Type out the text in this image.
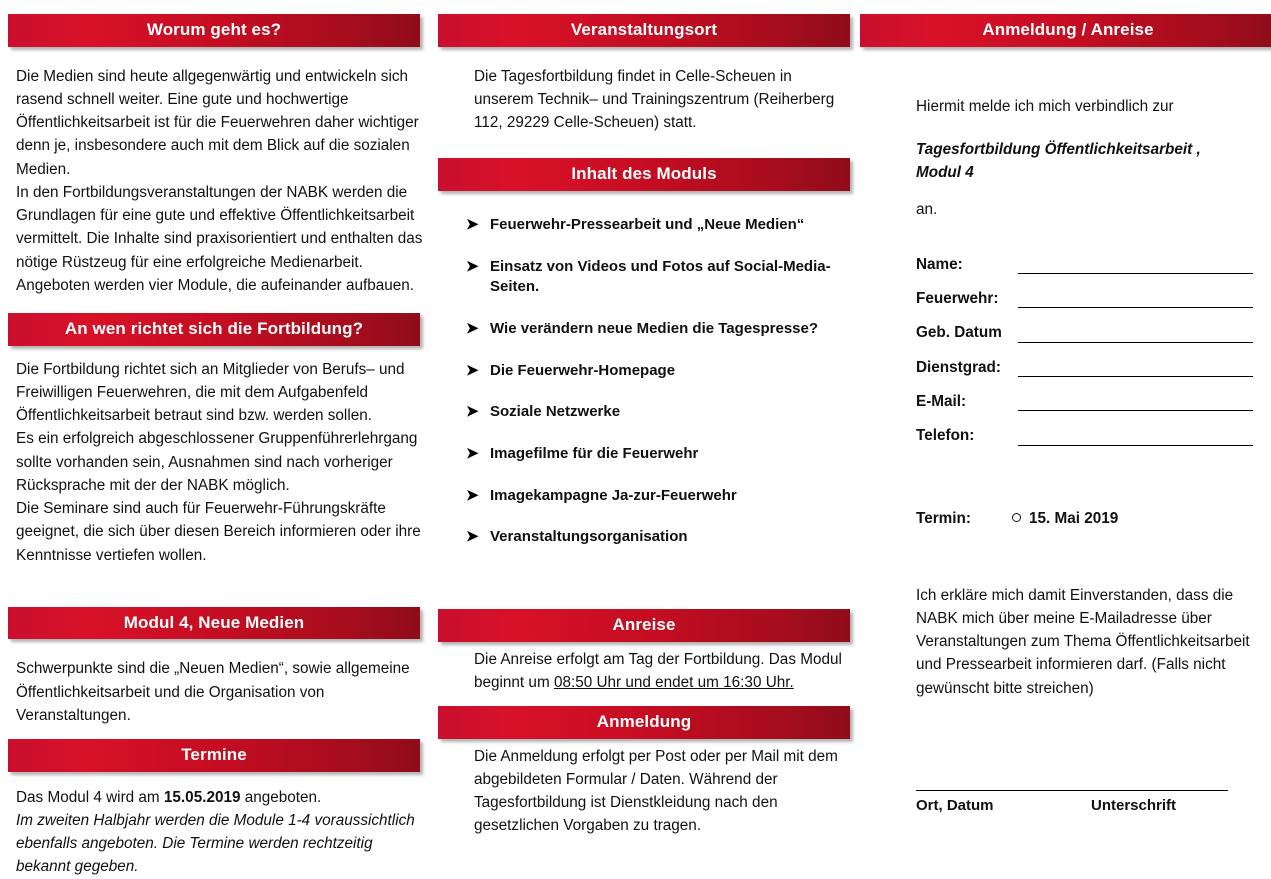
Worum geht es?
Die Medien sind heute allgegenwärtig und entwickeln sich rasend schnell weiter. Eine gute und hochwertige Öffentlichkeitsarbeit ist für die Feuerwehren daher wichtiger denn je, insbesondere auch mit dem Blick auf die sozialen Medien.
In den Fortbildungsveranstaltungen der NABK werden die Grundlagen für eine gute und effektive Öffentlichkeitsarbeit vermittelt. Die Inhalte sind praxisorientiert und enthalten das nötige Rüstzeug für eine erfolgreiche Medienarbeit. Angeboten werden vier Module, die aufeinander aufbauen.
An wen richtet sich die Fortbildung?
Die Fortbildung richtet sich an Mitglieder von Berufs– und Freiwilligen Feuerwehren, die mit dem Aufgabenfeld Öffentlichkeitsarbeit betraut sind bzw. werden sollen.
Es ein erfolgreich abgeschlossener Gruppenführerlehrgang sollte vorhanden sein, Ausnahmen sind nach vorheriger Rücksprache mit der der NABK möglich.
Die Seminare sind auch für Feuerwehr-Führungskräfte geeignet, die sich über diesen Bereich informieren oder ihre Kenntnisse vertiefen wollen.
Modul 4, Neue Medien
Schwerpunkte sind die „Neuen Medien“, sowie allgemeine Öffentlichkeitsarbeit und die Organisation von Veranstaltungen.
Termine
Das Modul 4 wird am 15.05.2019 angeboten.
Im zweiten Halbjahr werden die Module 1-4 voraussichtlich ebenfalls angeboten. Die Termine werden rechtzeitig bekannt gegeben.
Veranstaltungsort
Die Tagesfortbildung findet in Celle-Scheuen in unserem Technik– und Trainingszentrum (Reiherberg 112, 29229 Celle-Scheuen) statt.
Inhalt des Moduls
➤ Feuerwehr-Pressearbeit und „Neue Medien“
➤ Einsatz von Videos und Fotos auf Social-Media-Seiten.
➤ Wie verändern neue Medien die Tagespresse?
➤ Die Feuerwehr-Homepage
➤ Soziale Netzwerke
➤ Imagefilme für die Feuerwehr
➤ Imagekampagne Ja-zur-Feuerwehr
➤ Veranstaltungsorganisation
Anreise
Die Anreise erfolgt am Tag der Fortbildung. Das Modul beginnt um 08:50 Uhr und endet um 16:30 Uhr.
Anmeldung
Die Anmeldung erfolgt per Post oder per Mail mit dem abgebildeten Formular / Daten. Während der Tagesfortbildung ist Dienstkleidung nach den gesetzlichen Vorgaben zu tragen.
Anmeldung / Anreise
Hiermit melde ich mich verbindlich zur
Tagesfortbildung Öffentlichkeitsarbeit ,
Modul 4
an.
Name:
Feuerwehr:
Geb. Datum
Dienstgrad:
E-Mail:
Telefon:
Termin:	15. Mai 2019
Ich erkläre mich damit Einverstanden, dass die NABK mich über meine E-Mailadresse über Veranstaltungen zum Thema Öffentlichkeitsarbeit und Pressearbeit informieren darf. (Falls nicht gewünscht bitte streichen)
Ort, Datum	Unterschrift
